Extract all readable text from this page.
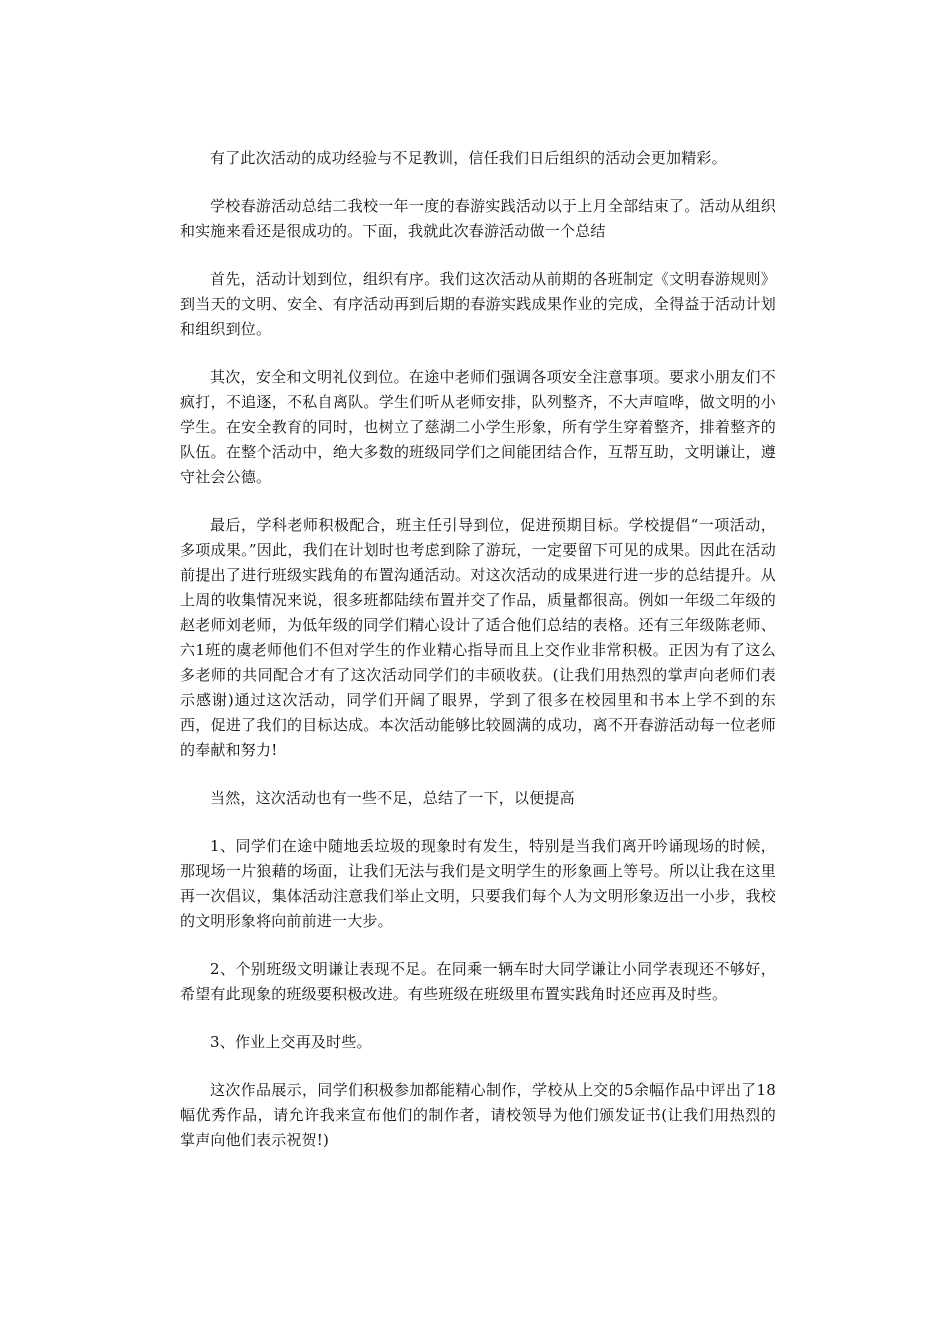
有了此次活动的成功经验与不足教训，信任我们日后组织的活动会更加精彩。

学校春游活动总结二我校一年一度的春游实践活动以于上月全部结束了。活动从组织和实施来看还是很成功的。下面，我就此次春游活动做一个总结

首先，活动计划到位，组织有序。我们这次活动从前期的各班制定《文明春游规则》到当天的文明、安全、有序活动再到后期的春游实践成果作业的完成，全得益于活动计划和组织到位。

其次，安全和文明礼仪到位。在途中老师们强调各项安全注意事项。要求小朋友们不疯打，不追逐，不私自离队。学生们听从老师安排，队列整齐，不大声喧哗，做文明的小学生。在安全教育的同时，也树立了慈湖二小学生形象，所有学生穿着整齐，排着整齐的队伍。在整个活动中，绝大多数的班级同学们之间能团结合作，互帮互助，文明谦让，遵守社会公德。

最后，学科老师积极配合，班主任引导到位，促进预期目标。学校提倡“一项活动，多项成果。”因此，我们在计划时也考虑到除了游玩，一定要留下可见的成果。因此在活动前提出了进行班级实践角的布置沟通活动。对这次活动的成果进行进一步的总结提升。从上周的收集情况来说，很多班都陆续布置并交了作品，质量都很高。例如一年级二年级的赵老师刘老师，为低年级的同学们精心设计了适合他们总结的表格。还有三年级陈老师、六1班的虞老师他们不但对学生的作业精心指导而且上交作业非常积极。正因为有了这么多老师的共同配合才有了这次活动同学们的丰硕收获。(让我们用热烈的掌声向老师们表示感谢)通过这次活动，同学们开阔了眼界，学到了很多在校园里和书本上学不到的东西，促进了我们的目标达成。本次活动能够比较圆满的成功，离不开春游活动每一位老师的奉献和努力!

当然，这次活动也有一些不足，总结了一下，以便提高

1、同学们在途中随地丢垃圾的现象时有发生，特别是当我们离开吟诵现场的时候，那现场一片狼藉的场面，让我们无法与我们是文明学生的形象画上等号。所以让我在这里再一次倡议，集体活动注意我们举止文明，只要我们每个人为文明形象迈出一小步，我校的文明形象将向前前进一大步。

2、个别班级文明谦让表现不足。在同乘一辆车时大同学谦让小同学表现还不够好，希望有此现象的班级要积极改进。有些班级在班级里布置实践角时还应再及时些。

3、作业上交再及时些。

这次作品展示，同学们积极参加都能精心制作，学校从上交的5余幅作品中评出了18幅优秀作品，请允许我来宣布他们的制作者，请校领导为他们颁发证书(让我们用热烈的掌声向他们表示祝贺!)
